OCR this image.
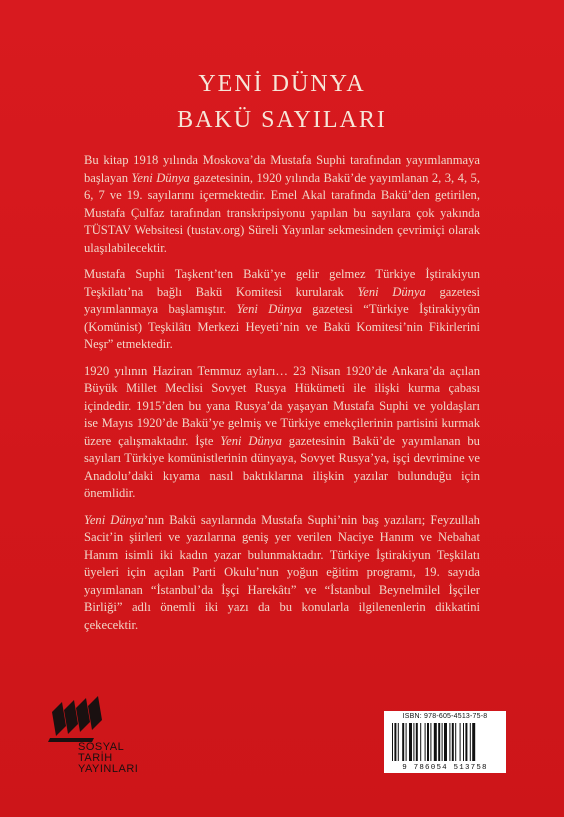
YENİ DÜNYA
BAKÜ SAYILARI

Bu kitap 1918 yılında Moskova’da Mustafa Suphi tarafından yayımlanmaya başlayan Yeni Dünya gazetesinin, 1920 yılında Bakü’de yayımlanan 2, 3, 4, 5, 6, 7 ve 19. sayılarını içermektedir. Emel Akal tarafında Bakü’den getirilen, Mustafa Çulfaz tarafından transkripsiyonu yapılan bu sayılara çok yakında TÜSTAV Websitesi (tustav.org) Süreli Yayınlar sekmesinden çevrimiçi olarak ulaşılabilecektir.

Mustafa Suphi Taşkent’ten Bakü’ye gelir gelmez Türkiye İştirakiyun Teşkilatı’na bağlı Bakü Komitesi kurularak Yeni Dünya gazetesi yayımlanmaya başlamıştır. Yeni Dünya gazetesi “Türkiye İştirakiyyûn (Komünist) Teşkilâtı Merkezi Heyeti’nin ve Bakü Komitesi’nin Fikirlerini Neşr” etmektedir.

1920 yılının Haziran Temmuz ayları… 23 Nisan 1920’de Ankara’da açılan Büyük Millet Meclisi Sovyet Rusya Hükümeti ile ilişki kurma çabası içindedir. 1915’den bu yana Rusya’da yaşayan Mustafa Suphi ve yoldaşları ise Mayıs 1920’de Bakü’ye gelmiş ve Türkiye emekçilerinin partisini kurmak üzere çalışmaktadır. İşte Yeni Dünya gazetesinin Bakü’de yayımlanan bu sayıları Türkiye komünistlerinin dünyaya, Sovyet Rusya’ya, işçi devrimine ve Anadolu’daki kıyama nasıl baktıklarına ilişkin yazılar bulunduğu için önemlidir.

Yeni Dünya’nın Bakü sayılarında Mustafa Suphi’nin baş yazıları; Feyzullah Sacit’in şiirleri ve yazılarına geniş yer verilen Naciye Hanım ve Nebahat Hanım isimli iki kadın yazar bulunmaktadır. Türkiye İştirakiyun Teşkilatı üyeleri için açılan Parti Okulu’nun yoğun eğitim programı, 19. sayıda yayımlanan “İstanbul’da İşçi Harekâtı” ve “İstanbul Beynelmilel İşçiler Birliği” adlı önemli iki yazı da bu konularla ilgilenenlerin dikkatini çekecektir.

SOSYAL
TARİH
YAYINLARI
ISBN: 978-605-4513-75-8
9 786054 513758
